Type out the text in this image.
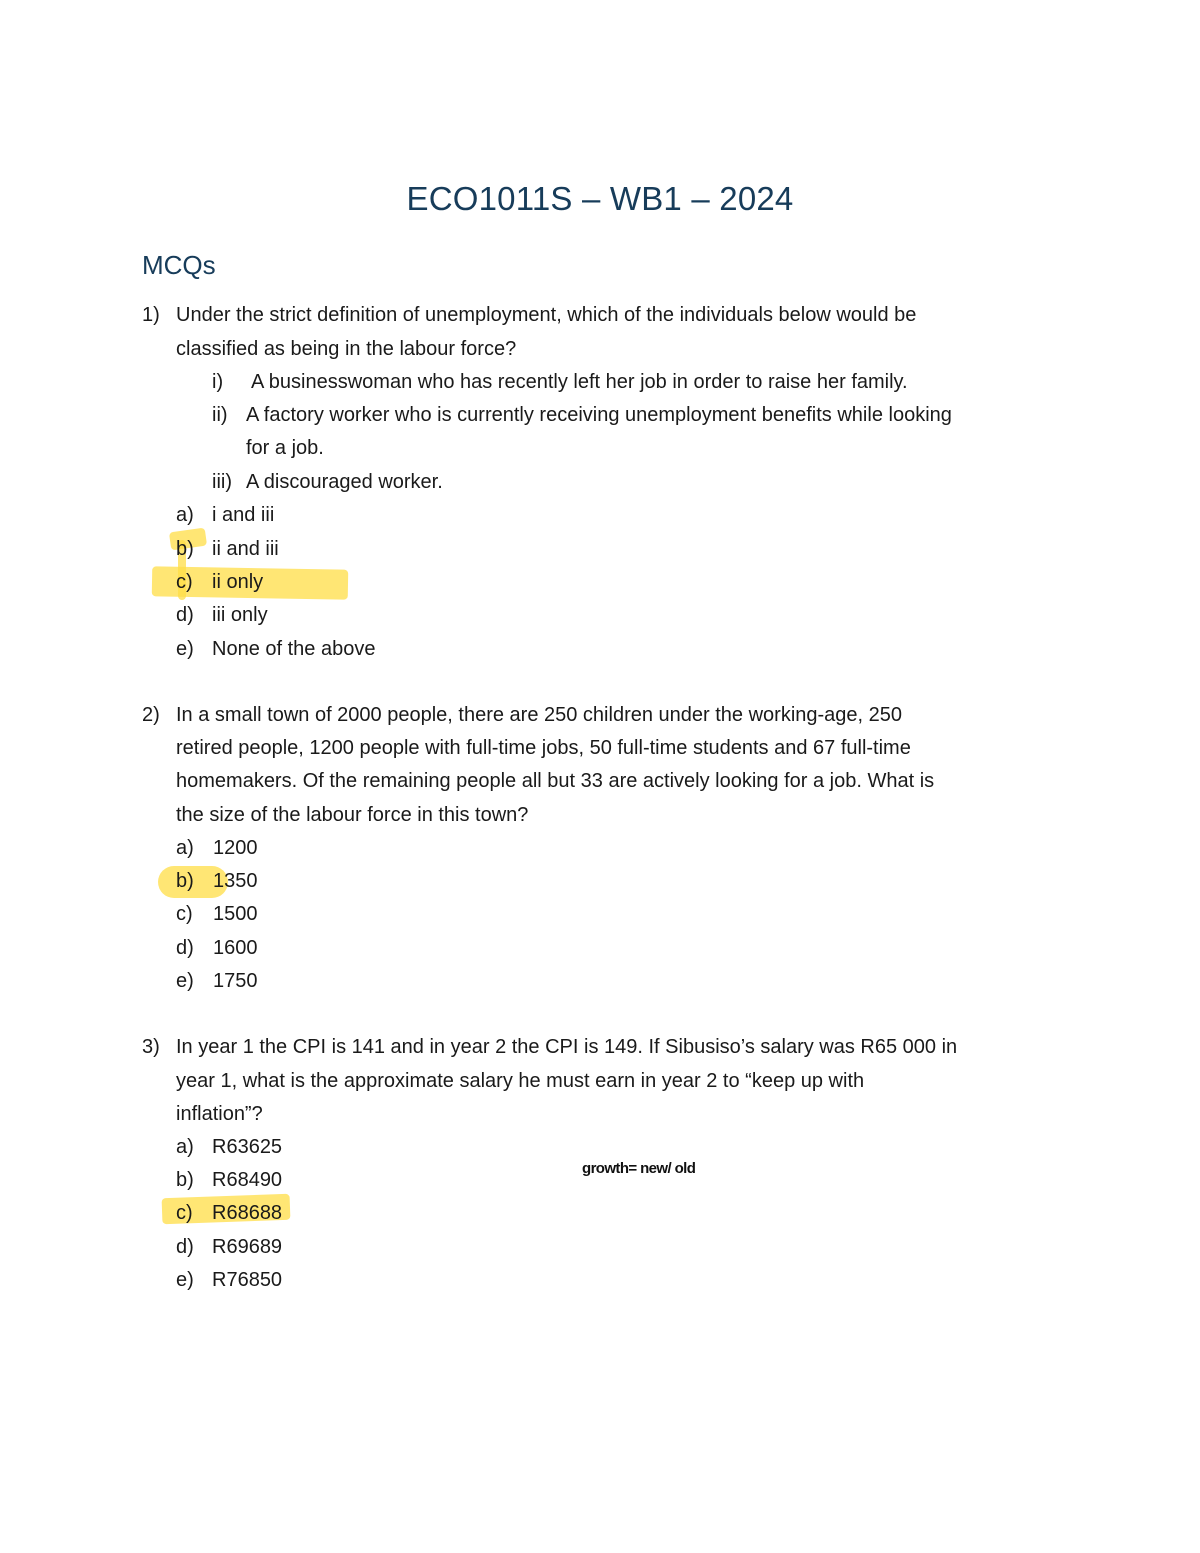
ECO1011S – WB1 – 2024
MCQs
1) Under the strict definition of unemployment, which of the individuals below would be
classified as being in the labour force?
i) A businesswoman who has recently left her job in order to raise her family.
ii) A factory worker who is currently receiving unemployment benefits while looking
for a job.
iii) A discouraged worker.
a) i and iii
b) ii and iii
c) ii only
d) iii only
e) None of the above
2) In a small town of 2000 people, there are 250 children under the working-age, 250
retired people, 1200 people with full-time jobs, 50 full-time students and 67 full-time
homemakers. Of the remaining people all but 33 are actively looking for a job. What is
the size of the labour force in this town?
a) 1200
b) 1350
c) 1500
d) 1600
e) 1750
3) In year 1 the CPI is 141 and in year 2 the CPI is 149. If Sibusiso’s salary was R65 000 in
year 1, what is the approximate salary he must earn in year 2 to “keep up with
inflation”?
a) R63625
b) R68490
c) R68688
d) R69689
e) R76850
growth= new/ old
